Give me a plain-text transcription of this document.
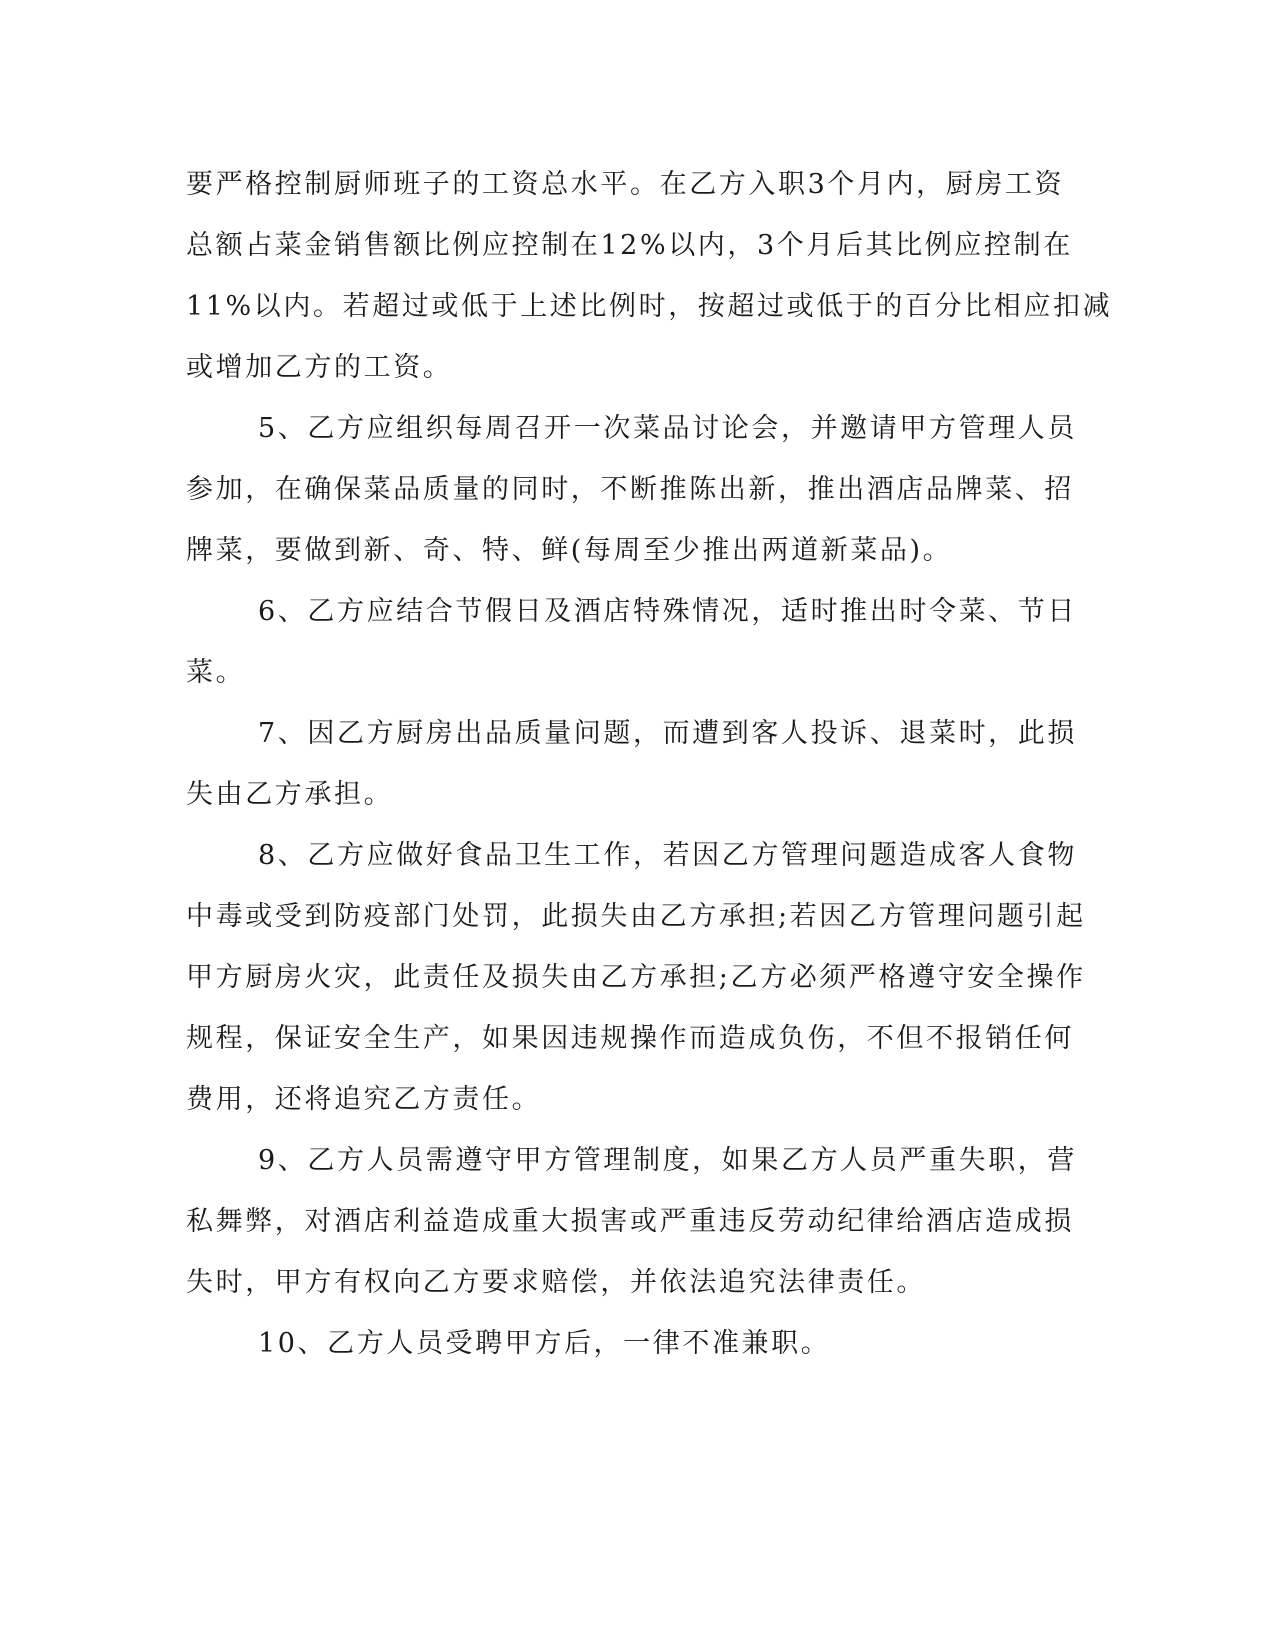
要严格控制厨师班子的工资总水平。在乙方入职3个月内，厨房工资
总额占菜金销售额比例应控制在12%以内，3个月后其比例应控制在
11%以内。若超过或低于上述比例时，按超过或低于的百分比相应扣减
或增加乙方的工资。

5、乙方应组织每周召开一次菜品讨论会，并邀请甲方管理人员
参加，在确保菜品质量的同时，不断推陈出新，推出酒店品牌菜、招
牌菜，要做到新、奇、特、鲜(每周至少推出两道新菜品)。

6、乙方应结合节假日及酒店特殊情况，适时推出时令菜、节日
菜。

7、因乙方厨房出品质量问题，而遭到客人投诉、退菜时，此损
失由乙方承担。

8、乙方应做好食品卫生工作，若因乙方管理问题造成客人食物
中毒或受到防疫部门处罚，此损失由乙方承担;若因乙方管理问题引起
甲方厨房火灾，此责任及损失由乙方承担;乙方必须严格遵守安全操作
规程，保证安全生产，如果因违规操作而造成负伤，不但不报销任何
费用，还将追究乙方责任。

9、乙方人员需遵守甲方管理制度，如果乙方人员严重失职，营
私舞弊，对酒店利益造成重大损害或严重违反劳动纪律给酒店造成损
失时，甲方有权向乙方要求赔偿，并依法追究法律责任。

10、乙方人员受聘甲方后，一律不准兼职。
